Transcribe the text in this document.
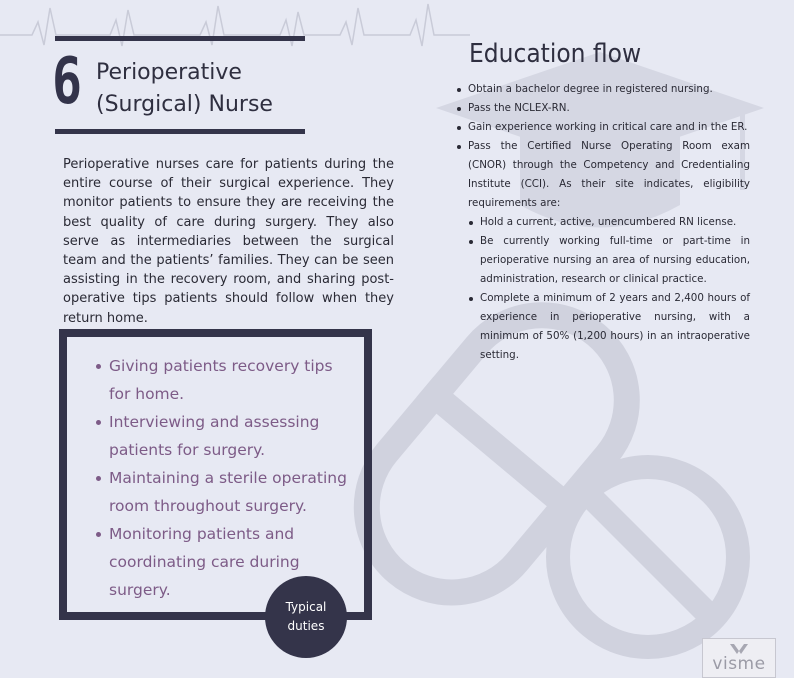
6 Perioperative
(Surgical) Nurse

Perioperative nurses care for patients during the entire course of their surgical experience. They monitor patients to ensure they are receiving the best quality of care during surgery. They also serve as intermediaries between the surgical team and the patients’ families. They can be seen assisting in the recovery room, and sharing post-operative tips patients should follow when they return home.

Giving patients recovery tips for home.
Interviewing and assessing patients for surgery.
Maintaining a sterile operating room throughout surgery.
Monitoring patients and coordinating care during surgery.
Typical
duties
Education flow
Obtain a bachelor degree in registered nursing.
Pass the NCLEX-RN.
Gain experience working in critical care and in the ER.
Pass the Certified Nurse Operating Room exam (CNOR) through the Competency and Credentialing Institute (CCI). As their site indicates, eligibility requirements are:
Hold a current, active, unencumbered RN license.
Be currently working full-time or part-time in perioperative nursing an area of nursing education, administration, research or clinical practice.
Complete a minimum of 2 years and 2,400 hours of experience in perioperative nursing, with a minimum of 50% (1,200 hours) in an intraoperative setting.
visme
